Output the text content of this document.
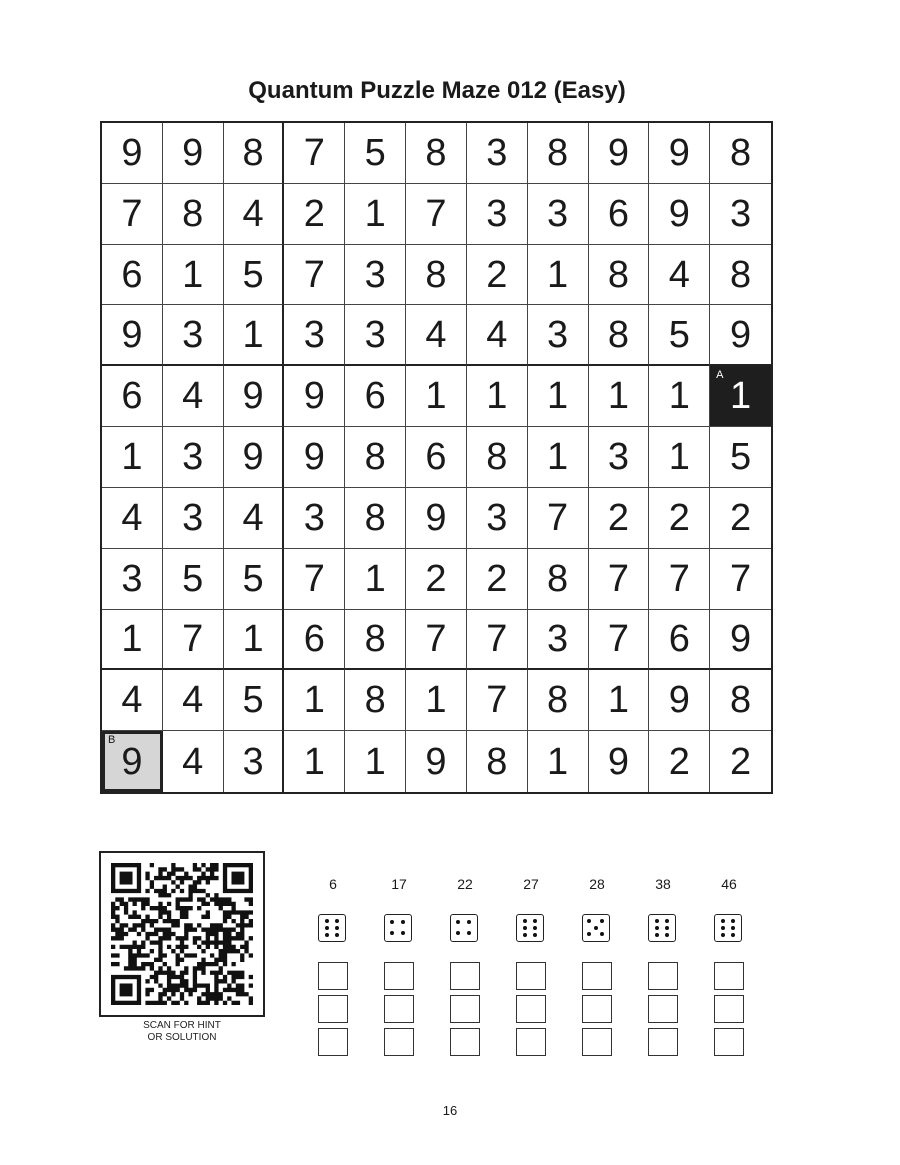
Quantum Puzzle Maze 012 (Easy)
9 9 8 7 5 8 3 8 9 9 8
7 8 4 2 1 7 3 3 6 9 3
6 1 5 7 3 8 2 1 8 4 8
9 3 1 3 3 4 4 3 8 5 9
6 4 9 9 6 1 1 1 1 1 A 1
1 3 9 9 8 6 8 1 3 1 5
4 3 4 3 8 9 3 7 2 2 2
3 5 5 7 1 2 2 8 7 7 7
1 7 1 6 8 7 7 3 7 6 9
4 4 5 1 8 1 7 8 1 9 8
B
9 4 3 1 1 9 8 1 9 2 2
SCAN FOR HINT
OR SOLUTION
6	17	22	27	28	38	46
16
